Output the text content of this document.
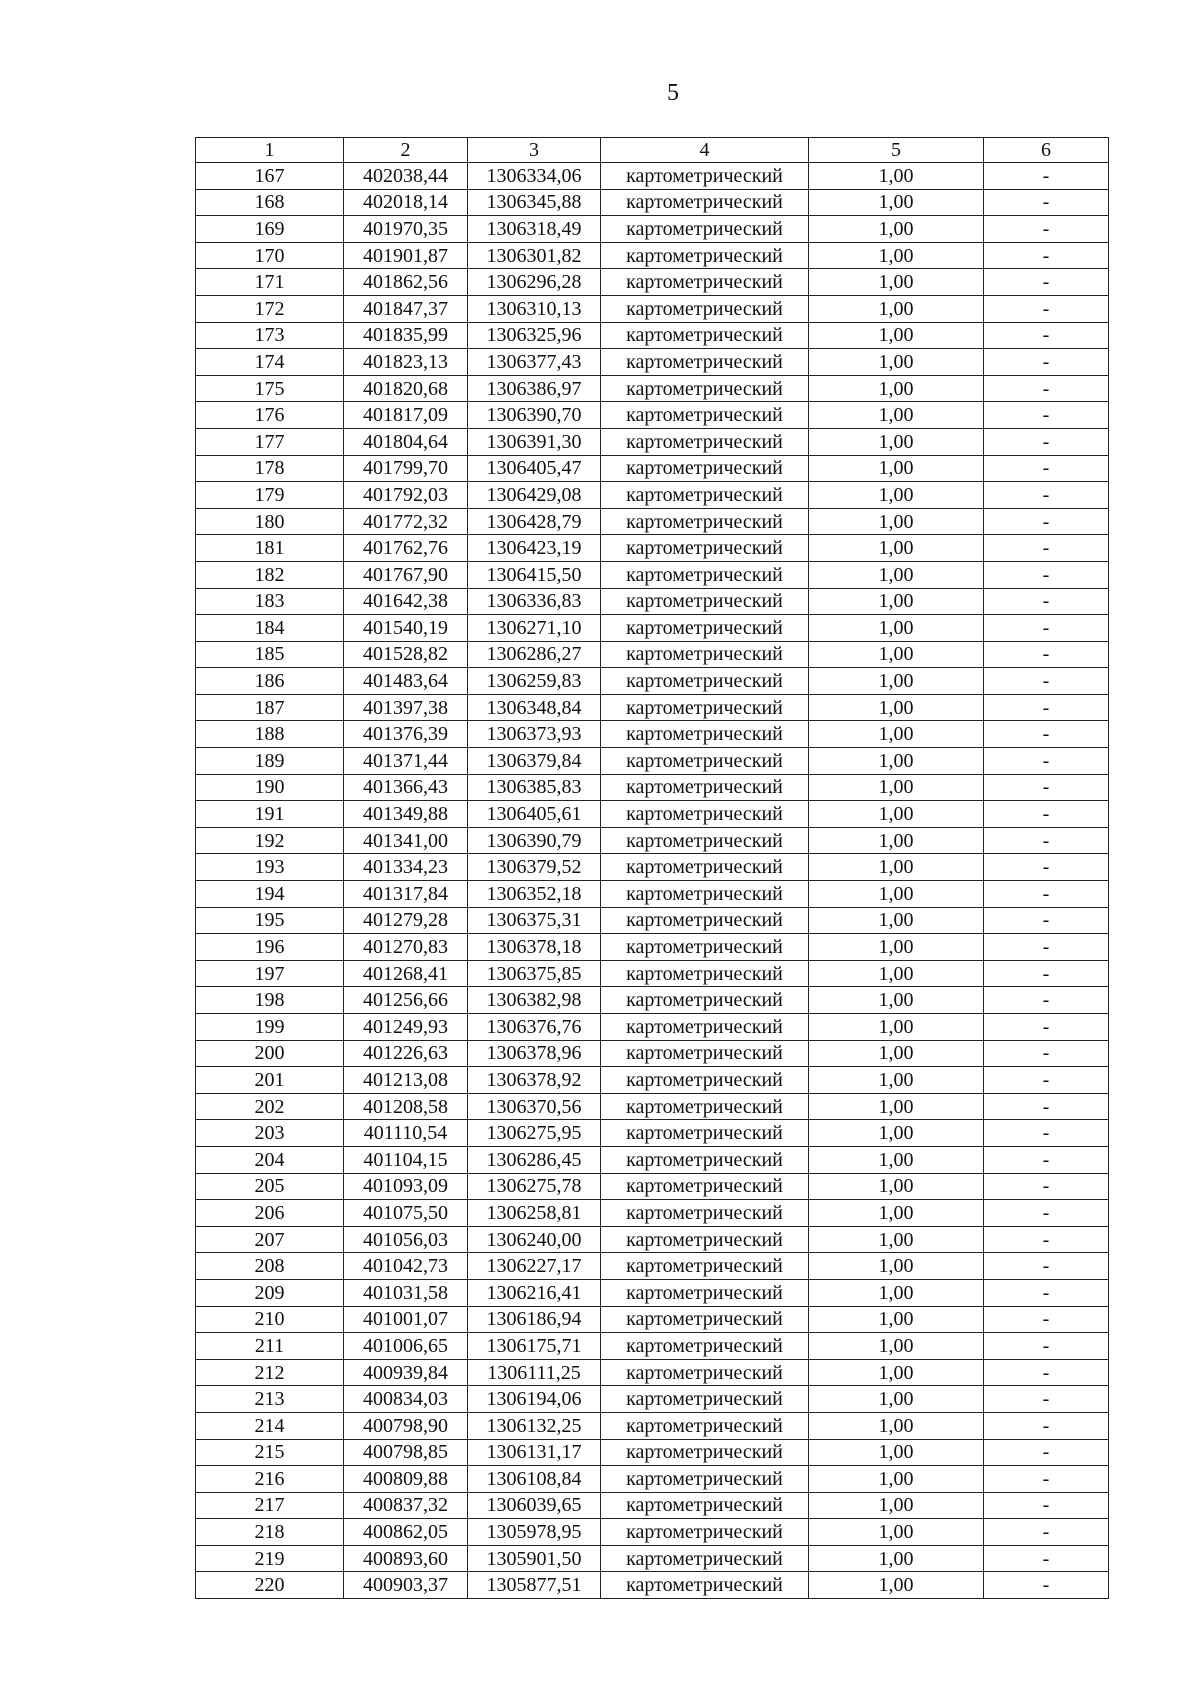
5
1	2	3	4	5	6
167	402038,44	1306334,06	картометрический	1,00	-
168	402018,14	1306345,88	картометрический	1,00	-
169	401970,35	1306318,49	картометрический	1,00	-
170	401901,87	1306301,82	картометрический	1,00	-
171	401862,56	1306296,28	картометрический	1,00	-
172	401847,37	1306310,13	картометрический	1,00	-
173	401835,99	1306325,96	картометрический	1,00	-
174	401823,13	1306377,43	картометрический	1,00	-
175	401820,68	1306386,97	картометрический	1,00	-
176	401817,09	1306390,70	картометрический	1,00	-
177	401804,64	1306391,30	картометрический	1,00	-
178	401799,70	1306405,47	картометрический	1,00	-
179	401792,03	1306429,08	картометрический	1,00	-
180	401772,32	1306428,79	картометрический	1,00	-
181	401762,76	1306423,19	картометрический	1,00	-
182	401767,90	1306415,50	картометрический	1,00	-
183	401642,38	1306336,83	картометрический	1,00	-
184	401540,19	1306271,10	картометрический	1,00	-
185	401528,82	1306286,27	картометрический	1,00	-
186	401483,64	1306259,83	картометрический	1,00	-
187	401397,38	1306348,84	картометрический	1,00	-
188	401376,39	1306373,93	картометрический	1,00	-
189	401371,44	1306379,84	картометрический	1,00	-
190	401366,43	1306385,83	картометрический	1,00	-
191	401349,88	1306405,61	картометрический	1,00	-
192	401341,00	1306390,79	картометрический	1,00	-
193	401334,23	1306379,52	картометрический	1,00	-
194	401317,84	1306352,18	картометрический	1,00	-
195	401279,28	1306375,31	картометрический	1,00	-
196	401270,83	1306378,18	картометрический	1,00	-
197	401268,41	1306375,85	картометрический	1,00	-
198	401256,66	1306382,98	картометрический	1,00	-
199	401249,93	1306376,76	картометрический	1,00	-
200	401226,63	1306378,96	картометрический	1,00	-
201	401213,08	1306378,92	картометрический	1,00	-
202	401208,58	1306370,56	картометрический	1,00	-
203	401110,54	1306275,95	картометрический	1,00	-
204	401104,15	1306286,45	картометрический	1,00	-
205	401093,09	1306275,78	картометрический	1,00	-
206	401075,50	1306258,81	картометрический	1,00	-
207	401056,03	1306240,00	картометрический	1,00	-
208	401042,73	1306227,17	картометрический	1,00	-
209	401031,58	1306216,41	картометрический	1,00	-
210	401001,07	1306186,94	картометрический	1,00	-
211	401006,65	1306175,71	картометрический	1,00	-
212	400939,84	1306111,25	картометрический	1,00	-
213	400834,03	1306194,06	картометрический	1,00	-
214	400798,90	1306132,25	картометрический	1,00	-
215	400798,85	1306131,17	картометрический	1,00	-
216	400809,88	1306108,84	картометрический	1,00	-
217	400837,32	1306039,65	картометрический	1,00	-
218	400862,05	1305978,95	картометрический	1,00	-
219	400893,60	1305901,50	картометрический	1,00	-
220	400903,37	1305877,51	картометрический	1,00	-
